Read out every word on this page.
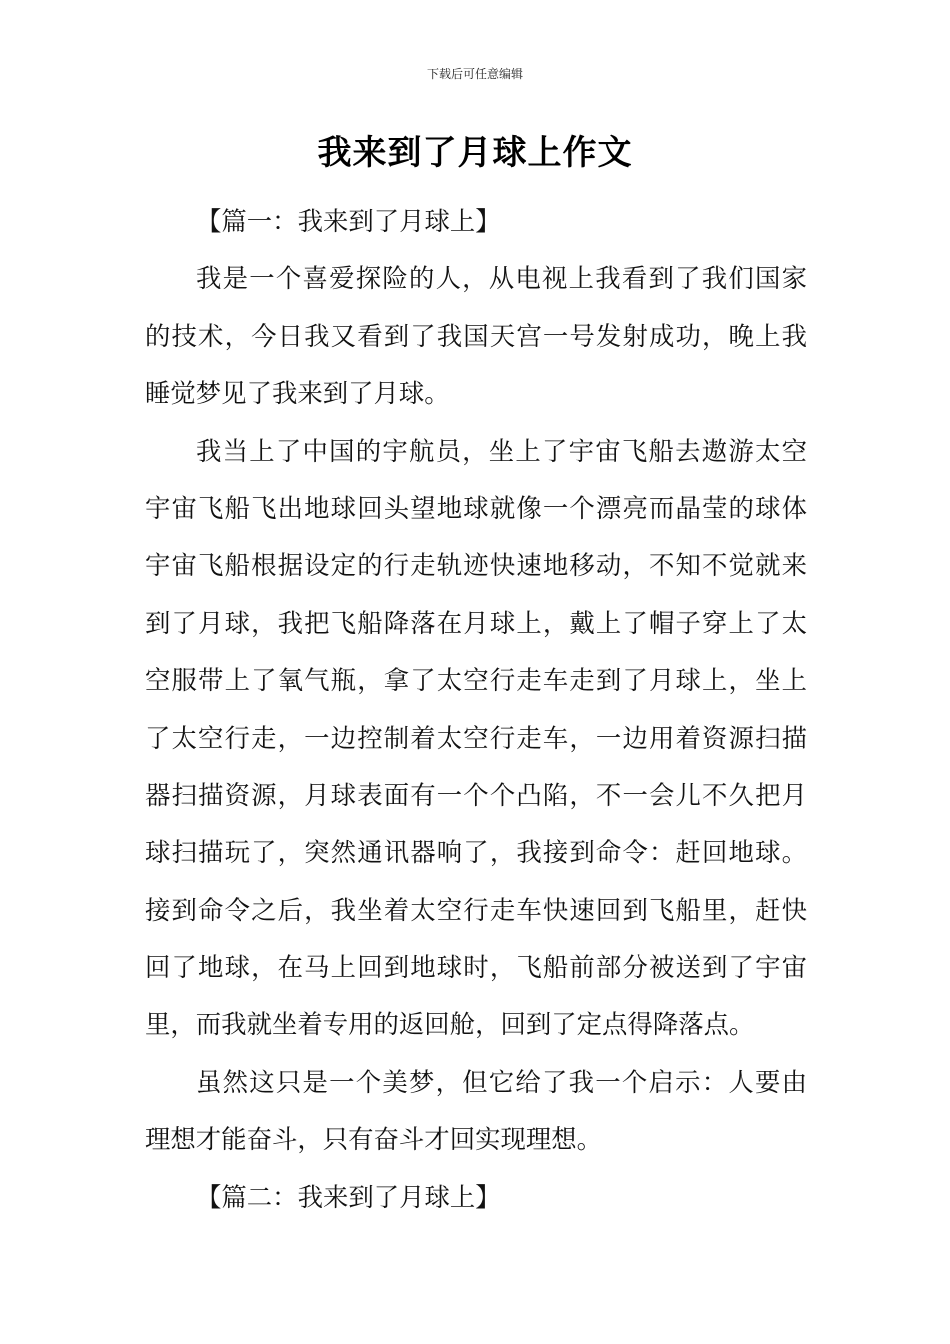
下载后可任意编辑
我来到了月球上作文
【篇一：我来到了月球上】
我是一个喜爱探险的人，从电视上我看到了我们国家
的技术，今日我又看到了我国天宫一号发射成功，晚上我
睡觉梦见了我来到了月球。
我当上了中国的宇航员，坐上了宇宙飞船去遨游太空
宇宙飞船飞出地球回头望地球就像一个漂亮而晶莹的球体
宇宙飞船根据设定的行走轨迹快速地移动，不知不觉就来
到了月球，我把飞船降落在月球上，戴上了帽子穿上了太
空服带上了氧气瓶，拿了太空行走车走到了月球上，坐上
了太空行走，一边控制着太空行走车，一边用着资源扫描
器扫描资源，月球表面有一个个凸陷，不一会儿不久把月
球扫描玩了，突然通讯器响了，我接到命令：赶回地球。
接到命令之后，我坐着太空行走车快速回到飞船里，赶快
回了地球，在马上回到地球时，飞船前部分被送到了宇宙
里，而我就坐着专用的返回舱，回到了定点得降落点。
虽然这只是一个美梦，但它给了我一个启示：人要由
理想才能奋斗，只有奋斗才回实现理想。
【篇二：我来到了月球上】
